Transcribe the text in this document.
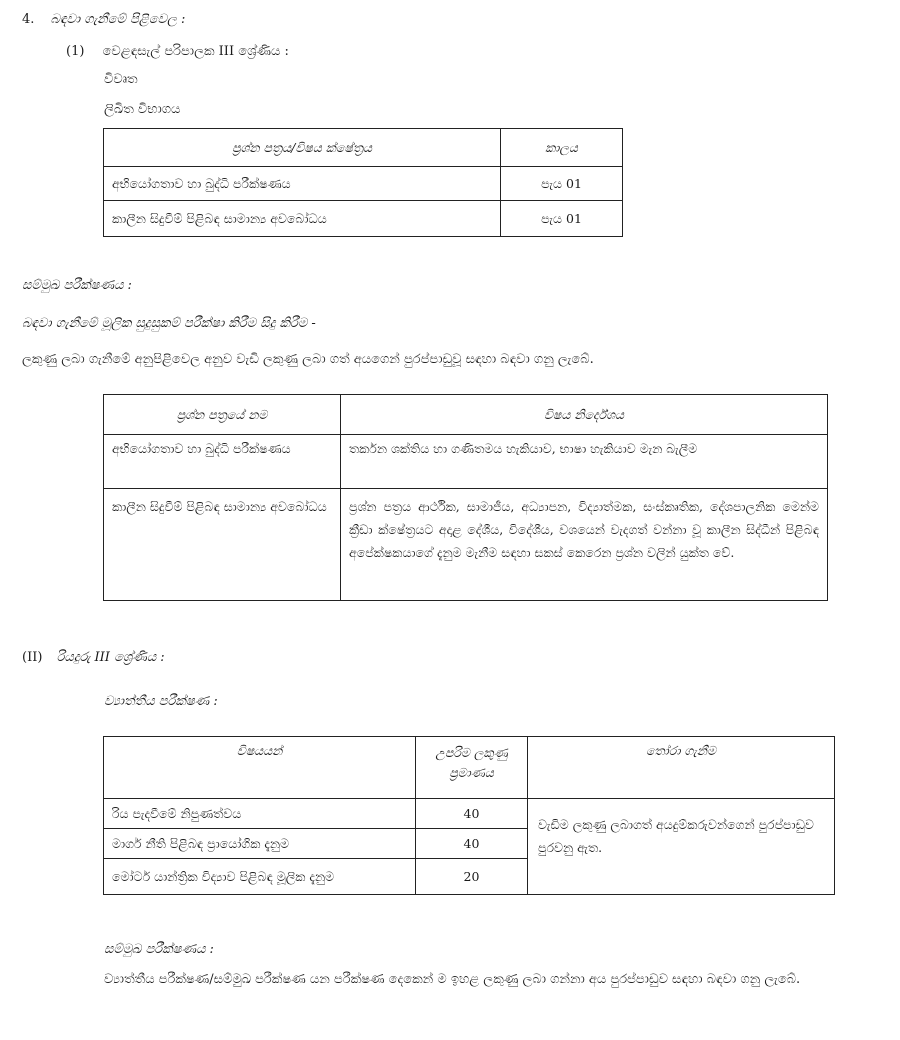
4. බඳවා ගැනීමේ පිළිවෙල :
(1) වෙළඳසැල් පරිපාලක III ශ්‍රේණිය :
විවෘත
ලිඛිත විභාගය
ප්‍රශ්න පත්‍රය/විෂය ක්ෂේත්‍රය	කාලය
අභියෝගතාව හා බුද්ධි පරීක්ෂණය	පැය 01
කාලීන සිදුවීම් පිළිබඳ සාමාන්‍ය අවබෝධය	පැය 01
සම්මුඛ පරීක්ෂණය :
බඳවා ගැනීමේ මූලික සුදුසුකම් පරීක්ෂා කිරීම සිදු කිරීම -
ලකුණු ලබා ගැනීමේ අනුපිළිවෙල අනුව වැඩි ලකුණු ලබා ගත් අයගෙන් පුරප්පාඩුවූ සඳහා බඳවා ගනු ලැබේ.
ප්‍රශ්න පත්‍රයේ නම	විෂය නිර්දේශය
අභියෝගතාව හා බුද්ධි පරීක්ෂණය	තර්කන ශක්තිය හා ගණිතමය හැකියාව, භාෂා හැකියාව මැන බැලීම
කාලීන සිදුවීම් පිළිබඳ සාමාන්‍ය අවබෝධය	ප්‍රශ්න පත්‍රය ආර්ථික, සාමාජීය, අධ්‍යාපන, විද්‍යාත්මක, සංස්කෘතික, දේශපාලනික මෙන්ම ක්‍රීඩා ක්ෂේත්‍රයට අදාළ දේශීය, විදේශීය, වශයෙන් වැදගත් වන්නා වූ කාලීන සිද්ධීන් පිළිබඳ අපේක්ෂකයාගේ දැනුම මැනීම සඳහා සකස් කෙරෙන ප්‍රශ්න වලින් යුක්ත වේ.
(II) රියදුරු III ශ්‍රේණිය :
ව්‍යාත්තීය පරීක්ෂණ :
විෂයයන්	උපරිම ලකුණු ප්‍රමාණය	තෝරා ගැනීම
රිය පැදවීමේ නිපුණත්වය	40	වැඩිම ලකුණු ලබාගත් අයදුම්කරුවන්ගෙන් පුරප්පාඩුව පුරවනු ඇත.
මාර්ග නීති පිළිබඳ ප්‍රායෝගික දැනුම	40	
මෝටර් යාන්ත්‍රික විද්‍යාව පිළිබඳ මූලික දැනුම	20	
සම්මුඛ පරීක්ෂණය :
ව්‍යාත්තීය පරීක්ෂණ/සම්මුඛ පරීක්ෂණ යන පරීක්ෂණ දෙකෙන් ම ඉහළ ලකුණු ලබා ගන්නා අය පුරප්පාඩුව සඳහා බඳවා ගනු ලැබේ.
